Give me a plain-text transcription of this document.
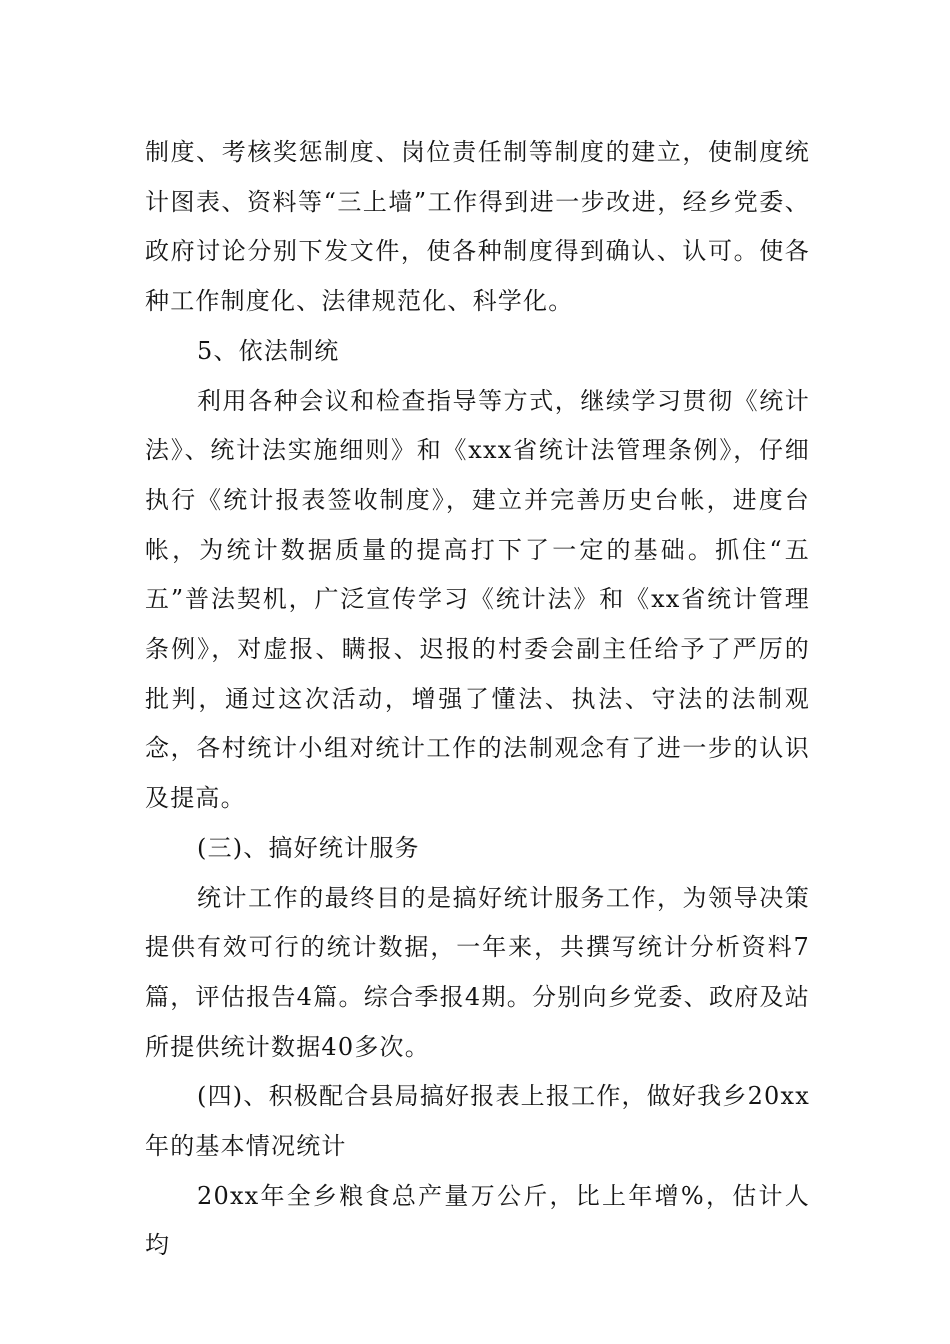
制度、考核奖惩制度、岗位责任制等制度的建立，使制度统计图表、资料等“三上墙”工作得到进一步改进，经乡党委、政府讨论分别下发文件，使各种制度得到确认、认可。使各种工作制度化、法律规范化、科学化。

5、依法制统

利用各种会议和检查指导等方式，继续学习贯彻《统计法》、统计法实施细则》和《xxx省统计法管理条例》，仔细执行《统计报表签收制度》，建立并完善历史台帐，进度台帐，为统计数据质量的提高打下了一定的基础。抓住“五五”普法契机，广泛宣传学习《统计法》和《xx省统计管理条例》，对虚报、瞒报、迟报的村委会副主任给予了严厉的批判，通过这次活动，增强了懂法、执法、守法的法制观念，各村统计小组对统计工作的法制观念有了进一步的认识及提高。

(三)、搞好统计服务

统计工作的最终目的是搞好统计服务工作，为领导决策提供有效可行的统计数据，一年来，共撰写统计分析资料7篇，评估报告4篇。综合季报4期。分别向乡党委、政府及站所提供统计数据40多次。

(四)、积极配合县局搞好报表上报工作，做好我乡20xx年的基本情况统计

20xx年全乡粮食总产量万公斤，比上年增%，估计人均
